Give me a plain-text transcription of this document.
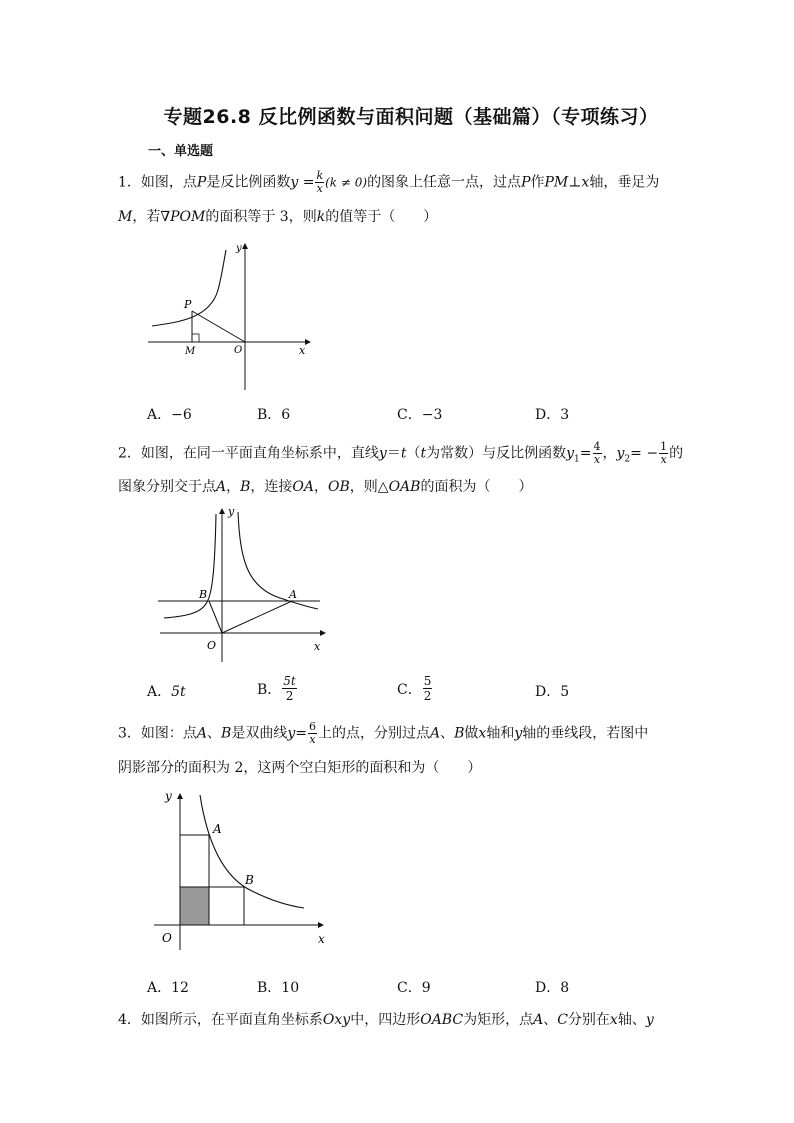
专题26.8 反比例函数与面积问题（基础篇）（专项练习）
一、单选题
1．如图，点P是反比例函数$y = \frac{k}{x} (k \ne 0)$的图象上任意一点，过点P作PM⊥x轴，垂足为
M，若∇POM的面积等于 3，则k的值等于（　　）
P
M	O	x
y
A．−6	B．6	C．−3	D．3
2．如图，在同一平面直角坐标系中，直线y＝t（t为常数）与反比例函数$y_1= \frac{4}{x}$ ，$y_2= - \frac{1}{x}$ 的
图象分别交于点A，B，连接OA，OB，则△OAB的面积为（　　）
B	A
O	x
y
A．5t	B． $\frac{5t}{2}$	C． $\frac{5}{2}$	D．5
3．如图：点A、B是双曲线$y= \frac{6}{x}$ 上的点，分别过点A、B做x轴和y轴的垂线段，若图中
阴影部分的面积为 2，这两个空白矩形的面积和为（　　）
A
B
O	x
y
A．12	B．10	C．9	D．8
4．如图所示，在平面直角坐标系Oxy中，四边形OABC为矩形，点A、C分别在x轴、y
